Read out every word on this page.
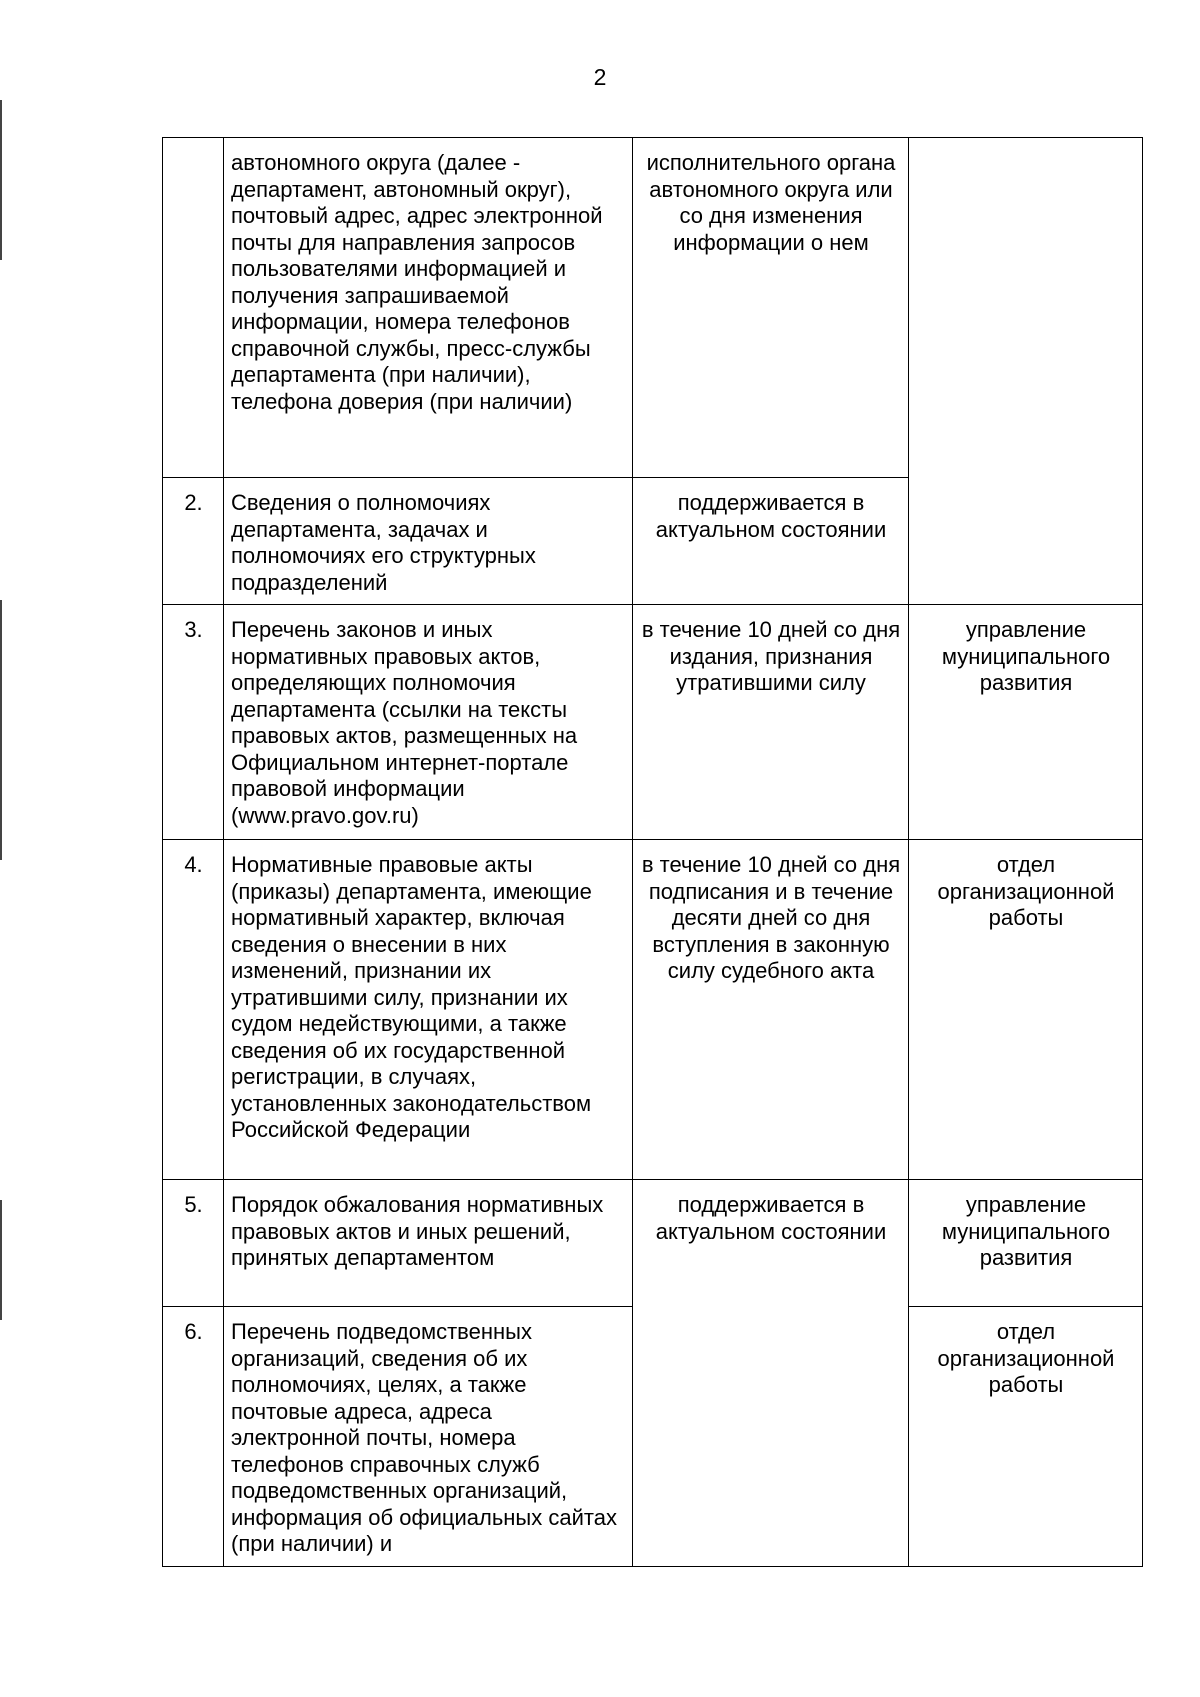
2
	автономного округа (далее - департамент, автономный округ), почтовый адрес, адрес электронной почты для направления запросов пользователями информацией и получения запрашиваемой информации, номера телефонов справочной службы, пресс-службы департамента (при наличии), телефона доверия (при наличии)	исполнительного органа автономного округа или со дня изменения информации о нем	
2.	Сведения о полномочиях департамента, задачах и полномочиях его структурных подразделений	поддерживается в актуальном состоянии	
3.	Перечень законов и иных нормативных правовых актов, определяющих полномочия департамента (ссылки на тексты правовых актов, размещенных на Официальном интернет-портале правовой информации (www.pravo.gov.ru)	в течение 10 дней со дня издания, признания утратившими силу	управление муниципального развития
4.	Нормативные правовые акты (приказы) департамента, имеющие нормативный характер, включая сведения о внесении в них изменений, признании их утратившими силу, признании их судом недействующими, а также сведения об их государственной регистрации, в случаях, установленных законодательством Российской Федерации	в течение 10 дней со дня подписания и в течение десяти дней со дня вступления в законную силу судебного акта	отдел организационной работы
5.	Порядок обжалования нормативных правовых актов и иных решений, принятых департаментом	поддерживается в актуальном состоянии	управление муниципального развития
6.	Перечень подведомственных организаций, сведения об их полномочиях, целях, а также почтовые адреса, адреса электронной почты, номера телефонов справочных служб подведомственных организаций, информация об официальных сайтах (при наличии) и		отдел организационной работы
